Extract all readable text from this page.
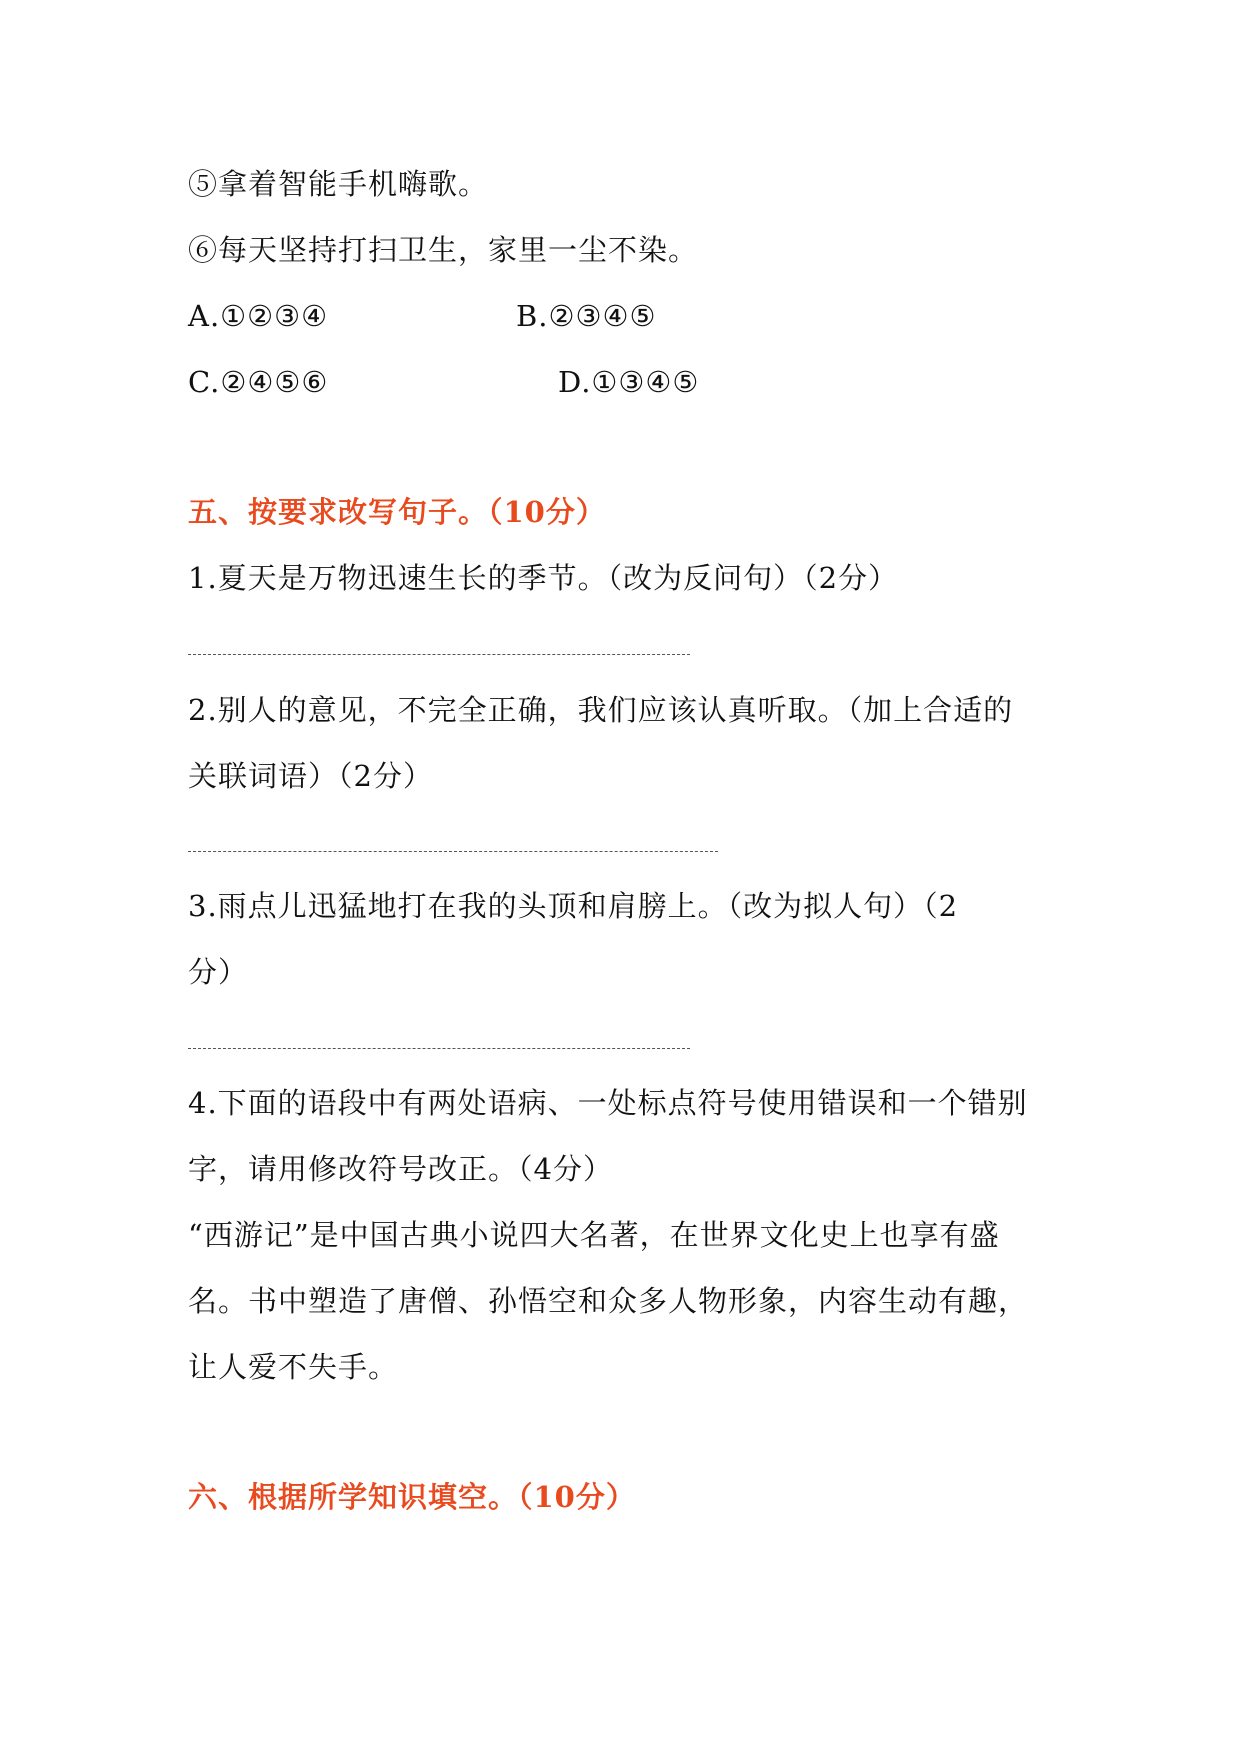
⑤拿着智能手机嗨歌。
⑥每天坚持打扫卫生，家里一尘不染。
A.①②③④	B.②③④⑤
C.②④⑤⑥	D.①③④⑤
五、按要求改写句子。（10分）
1.夏天是万物迅速生长的季节。（改为反问句）（2分）
2.别人的意见，不完全正确，我们应该认真听取。（加上合适的
关联词语）（2分）
3.雨点儿迅猛地打在我的头顶和肩膀上。（改为拟人句）（2
分）
4.下面的语段中有两处语病、一处标点符号使用错误和一个错别
字，请用修改符号改正。（4分）
“西游记”是中国古典小说四大名著，在世界文化史上也享有盛
名。书中塑造了唐僧、孙悟空和众多人物形象，内容生动有趣，
让人爱不失手。
六、根据所学知识填空。（10分）
